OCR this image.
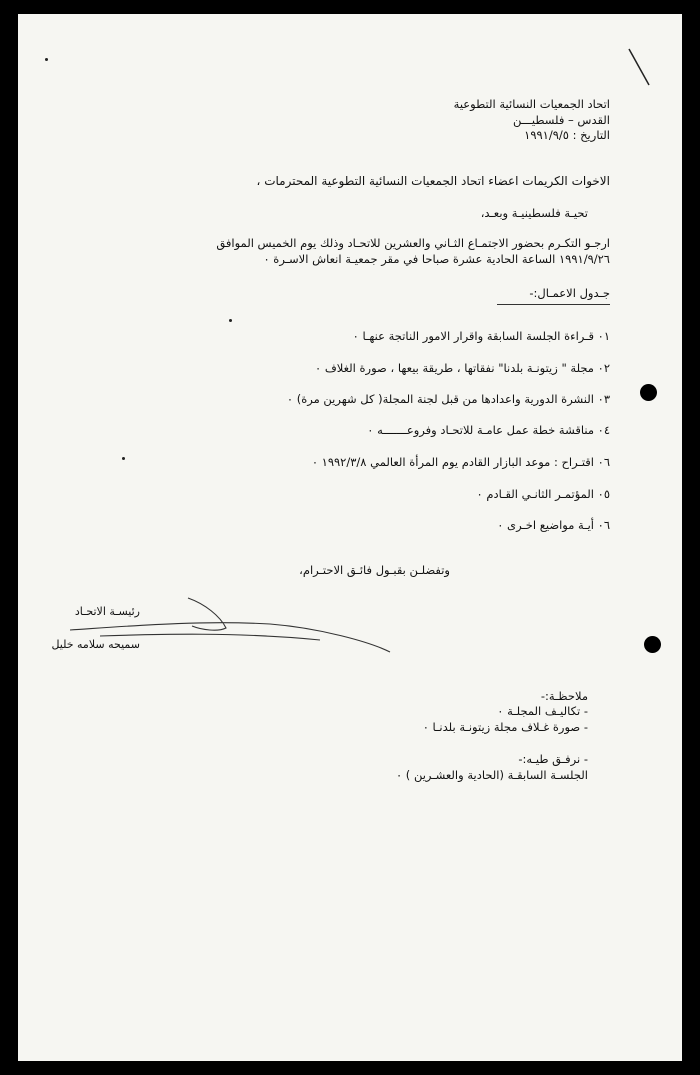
اتحاد الجمعيات النسائية التطوعية
القدس – فلسطيـــن
التاريخ : ١٩٩١/٩/٥
الاخوات الكريمات اعضاء اتحاد الجمعيات النسائية التطوعية المحترمات ،
تحيـة فلسطينيـة وبعـد،
ارجـو التكـرم بحضور الاجتمـاع الثـاني والعشرين للاتحـاد وذلك يوم الخميس الموافق
١٩٩١/٩/٢٦ الساعة الحادية عشرة صباحا في مقر جمعيـة انعاش الاسـرة ٠
جـدول الاعمـال:-
٠١ قـراءة الجلسة السابقة واقرار الامور الناتجة عنهـا ٠
٠٢ مجلة " زيتونـة بلدنا" نفقاتها ، طريقة بيعها ، صورة الغلاف ٠
٠٣ النشرة الدورية واعدادها من قبل لجنة المجلة( كل شهرين مرة) ٠
٠٤ مناقشة خطة عمل عامـة للاتحـاد وفروعـــــــه ٠
٠٦ اقتـراح : موعد البازار القادم يوم المرأة العالمي ١٩٩٢/٣/٨ ٠
٠٥ المؤتمـر الثانـي القـادم ٠
٠٦ أيـة مواضيع اخـرى ٠
وتفضلـن بقبـول فائـق الاحتـرام،
رئيسـة الاتحـاد
سميحه سلامه خليل
ملاحظـة:-
- تكاليـف المجلـة ٠
- صورة غـلاف مجلة زيتونـة بلدنـا ٠
- نرفـق طيـه:-
الجلسـة السابقـة (الحادية والعشـرين ) ٠
